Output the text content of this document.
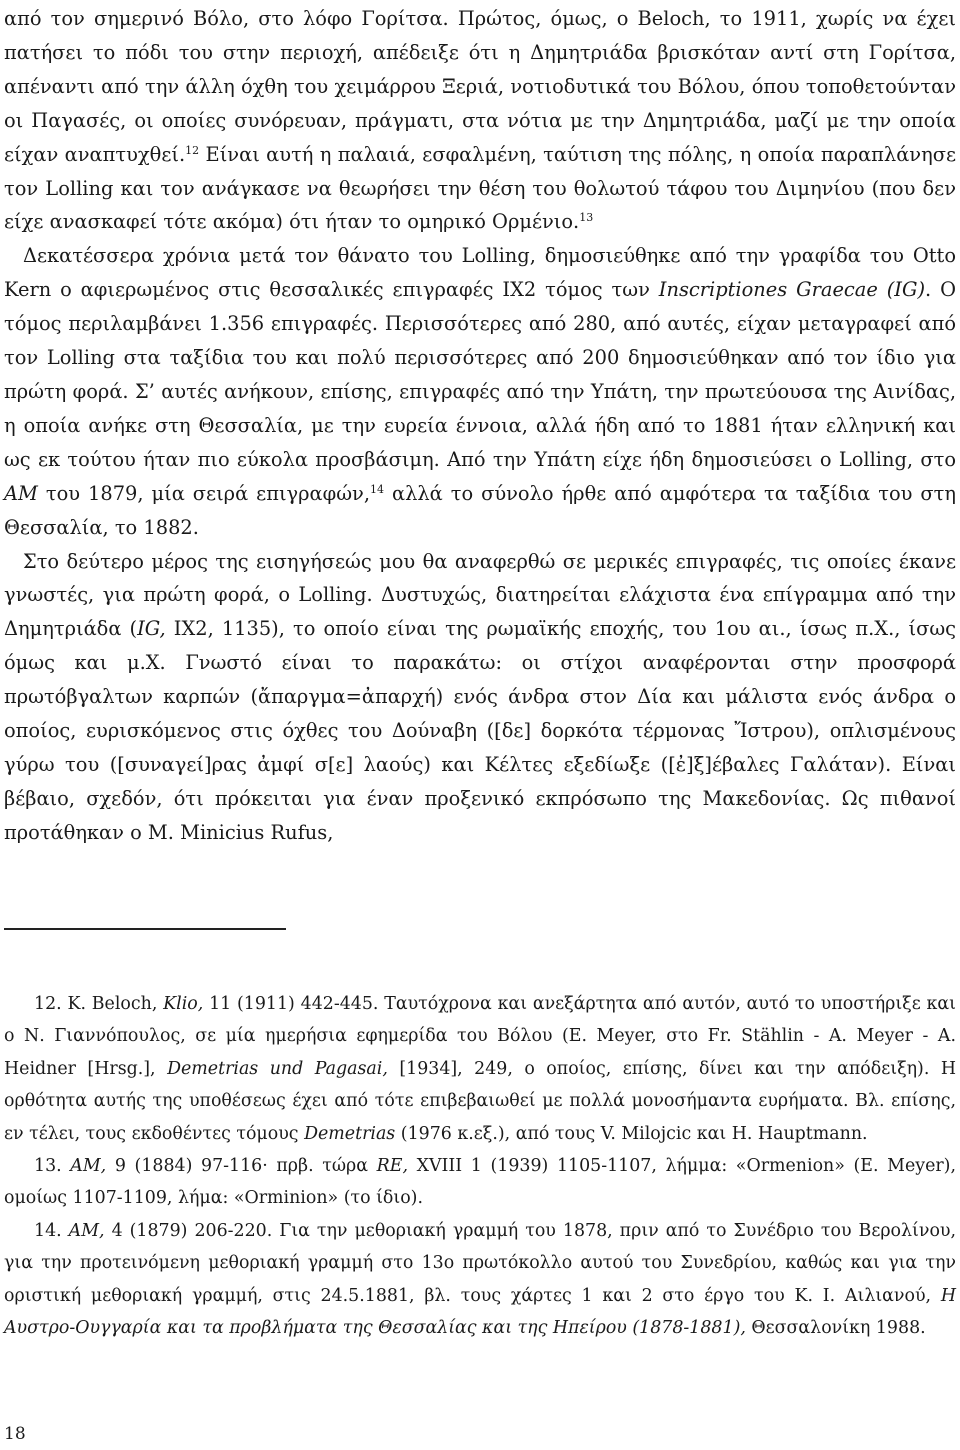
από τον σημερινό Βόλο, στο λόφο Γορίτσα. Πρώτος, όμως, ο Beloch, το 1911, χωρίς να έχει πατήσει το πόδι του στην περιοχή, απέδειξε ότι η Δημητριάδα βρισκόταν αντί στη Γορίτσα, απέναντι από την άλλη όχθη του χειμάρρου Ξεριά, νοτιοδυτικά του Βόλου, όπου τοποθετούνταν οι Παγασές, οι οποίες συνόρευαν, πράγματι, στα νότια με την Δημητριάδα, μαζί με την οποία είχαν αναπτυχθεί.$^{12}$ Είναι αυτή η παλαιά, εσφαλμένη, ταύτιση της πόλης, η οποία παραπλάνησε τον Lolling και τον ανάγκασε να θεωρήσει την θέση του θολωτού τάφου του Διμηνίου (που δεν είχε ανασκαφεί τότε ακόμα) ότι ήταν το ομηρικό Ορμένιο.$^{13}$

Δεκατέσσερα χρόνια μετά τον θάνατο του Lolling, δημοσιεύθηκε από την γραφίδα του Otto Kern ο αφιερωμένος στις θεσσαλικές επιγραφές IX2 τόμος των Inscriptiones Graecae (IG). Ο τόμος περιλαμβάνει 1.356 επιγραφές. Περισσότερες από 280, από αυτές, είχαν μεταγραφεί από τον Lolling στα ταξίδια του και πολύ περισσότερες από 200 δημοσιεύθηκαν από τον ίδιο για πρώτη φορά. Σ’ αυτές ανήκουν, επίσης, επιγραφές από την Υπάτη, την πρωτεύουσα της Αινίδας, η οποία ανήκε στη Θεσσαλία, με την ευρεία έννοια, αλλά ήδη από το 1881 ήταν ελληνική και ως εκ τούτου ήταν πιο εύκολα προσβάσιμη. Από την Υπάτη είχε ήδη δημοσιεύσει ο Lolling, στο AM του 1879, μία σειρά επιγραφών,$^{14}$ αλλά το σύνολο ήρθε από αμφότερα τα ταξίδια του στη Θεσσαλία, το 1882.

Στο δεύτερο μέρος της εισηγήσεώς μου θα αναφερθώ σε μερικές επιγραφές, τις οποίες έκανε γνωστές, για πρώτη φορά, ο Lolling. Δυστυχώς, διατηρείται ελάχιστα ένα επίγραμμα από την Δημητριάδα (IG, IX2, 1135), το οποίο είναι της ρωμαϊκής εποχής, του 1ου αι., ίσως π.Χ., ίσως όμως και μ.Χ. Γνωστό είναι το παρακάτω: οι στίχοι αναφέρονται στην προσφορά πρωτόβγαλτων καρπών (ἄπαργμα=ἀπαρχή) ενός άνδρα στον Δία και μάλιστα ενός άνδρα ο οποίος, ευρισκόμενος στις όχθες του Δούναβη ([δε] δορκότα τέρμονας Ἴστρου), οπλισμένους γύρω του ([συναγεί]ρας ἀμφί σ[ε] λαούς) και Κέλτες εξεδίωξε ([ἐ]ξ]έβαλες Γαλάταν). Είναι βέβαιο, σχεδόν, ότι πρόκειται για έναν προξενικό εκπρόσωπο της Μακεδονίας. Ως πιθανοί προτάθηκαν ο M. Minicius Rufus,

12. K. Beloch, Klio, 11 (1911) 442-445. Ταυτόχρονα και ανεξάρτητα από αυτόν, αυτό το υποστήριξε και ο Ν. Γιαννόπουλος, σε μία ημερήσια εφημερίδα του Βόλου (E. Meyer, στο Fr. Stählin - A. Meyer - A. Heidner [Hrsg.], Demetrias und Pagasai, [1934], 249, ο οποίος, επίσης, δίνει και την απόδειξη). Η ορθότητα αυτής της υποθέσεως έχει από τότε επιβεβαιωθεί με πολλά μονοσήμαντα ευρήματα. Βλ. επίσης, εν τέλει, τους εκδοθέντες τόμους Demetrias (1976 κ.εξ.), από τους V. Milojcic και H. Hauptmann.

13. AM, 9 (1884) 97-116· πρβ. τώρα RE, XVIII 1 (1939) 1105-1107, λήμμα: «Ormenion» (E. Meyer), ομοίως 1107-1109, λήμα: «Orminion» (το ίδιο).

14. AM, 4 (1879) 206-220. Για την μεθοριακή γραμμή του 1878, πριν από το Συνέδριο του Βερολίνου, για την προτεινόμενη μεθοριακή γραμμή στο 13ο πρωτόκολλο αυτού του Συνεδρίου, καθώς και για την οριστική μεθοριακή γραμμή, στις 24.5.1881, βλ. τους χάρτες 1 και 2 στο έργο του Κ. Ι. Αιλιανού, Η Αυστρο-Ουγγαρία και τα προβλήματα της Θεσσαλίας και της Ηπείρου (1878-1881), Θεσσαλονίκη 1988.

18
